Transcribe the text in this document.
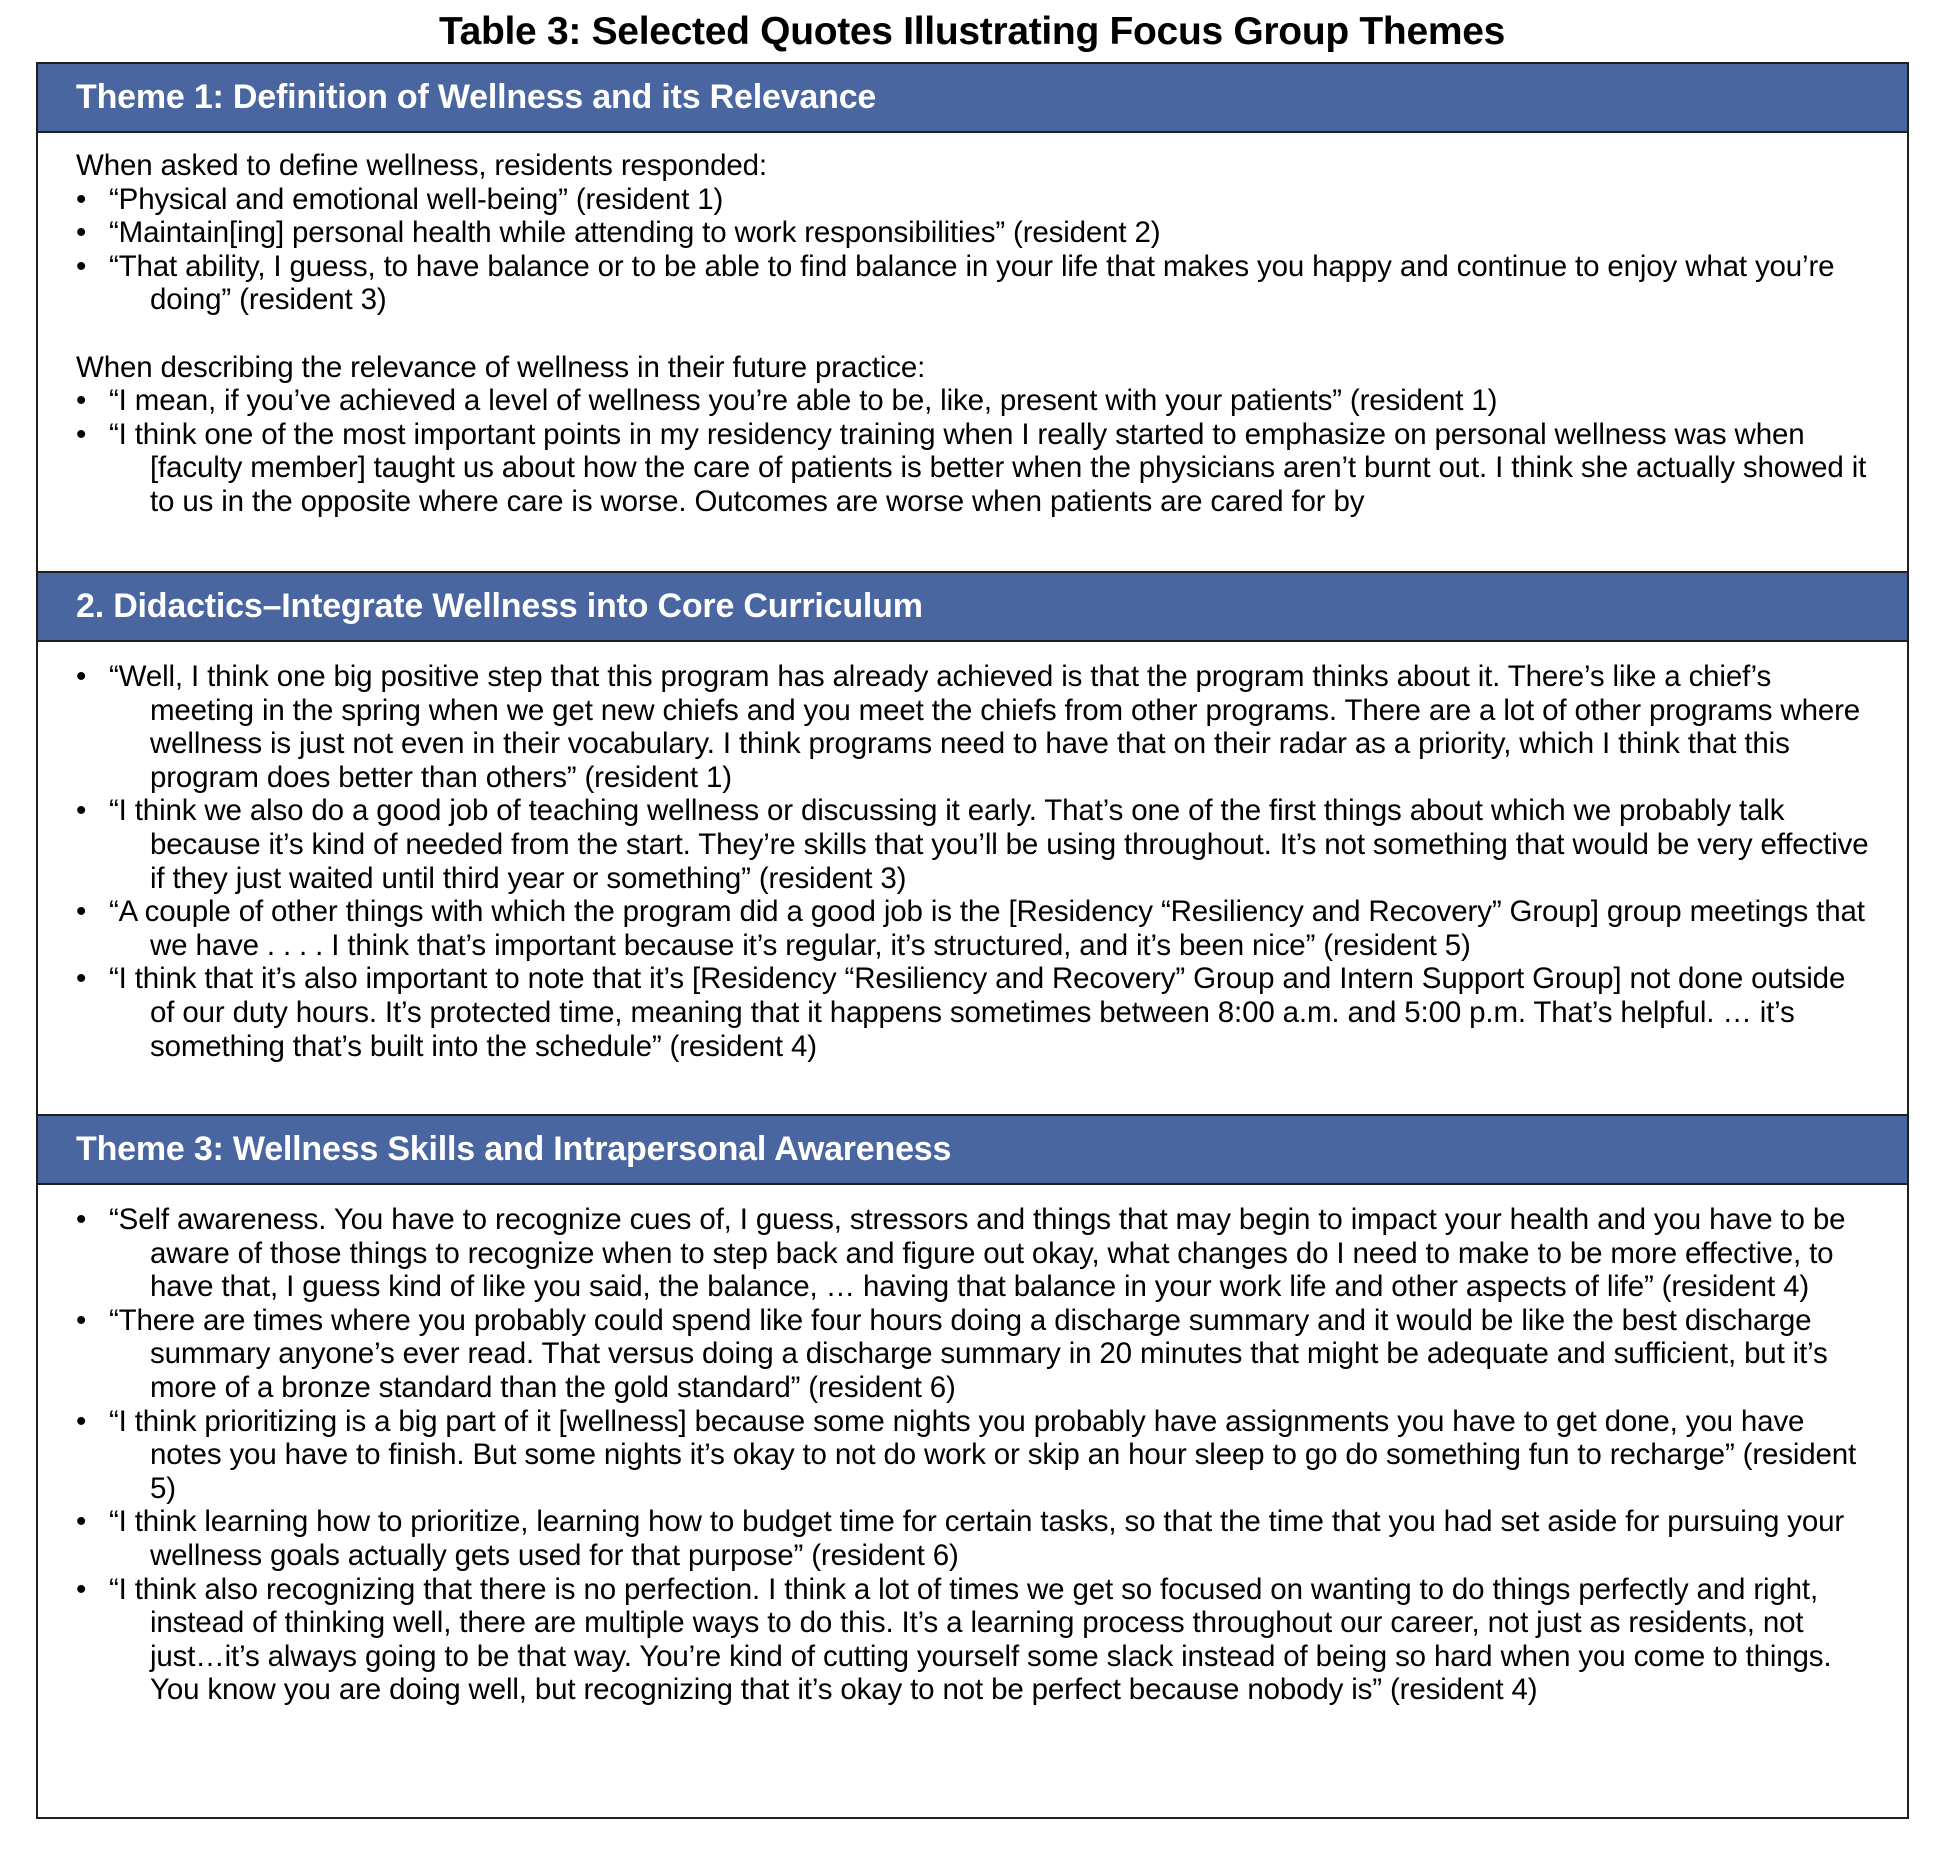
Table 3: Selected Quotes Illustrating Focus Group Themes
Theme 1: Definition of Wellness and its Relevance

When asked to define wellness, residents responded:

• “Physical and emotional well-being” (resident 1)
• “Maintain[ing] personal health while attending to work responsibilities” (resident 2)
• “That ability, I guess, to have balance or to be able to find balance in your life that makes you happy and continue to enjoy what you’re doing” (resident 3)

When describing the relevance of wellness in their future practice:

• “I mean, if you’ve achieved a level of wellness you’re able to be, like, present with your patients” (resident 1)
• “I think one of the most important points in my residency training when I really started to emphasize on personal wellness was when [faculty member] taught us about how the care of patients is better when the physicians aren’t burnt out. I think she actually showed it to us in the opposite where care is worse. Outcomes are worse when patients are cared for by
2. Didactics–Integrate Wellness into Core Curriculum
• “Well, I think one big positive step that this program has already achieved is that the program thinks about it. There’s like a chief’s meeting in the spring when we get new chiefs and you meet the chiefs from other programs. There are a lot of other programs where wellness is just not even in their vocabulary. I think programs need to have that on their radar as a priority, which I think that this program does better than others” (resident 1)
• “I think we also do a good job of teaching wellness or discussing it early. That’s one of the first things about which we probably talk because it’s kind of needed from the start. They’re skills that you’ll be using throughout. It’s not something that would be very effective if they just waited until third year or something” (resident 3)
• “A couple of other things with which the program did a good job is the [Residency “Resiliency and Recovery” Group] group meetings that we have . . . . I think that’s important because it’s regular, it’s structured, and it’s been nice” (resident 5)
• “I think that it’s also important to note that it’s [Residency “Resiliency and Recovery” Group and Intern Support Group] not done outside of our duty hours. It’s protected time, meaning that it happens sometimes between 8:00 a.m. and 5:00 p.m. That’s helpful. … it’s something that’s built into the schedule” (resident 4)
Theme 3: Wellness Skills and Intrapersonal Awareness
• “Self awareness. You have to recognize cues of, I guess, stressors and things that may begin to impact your health and you have to be aware of those things to recognize when to step back and figure out okay, what changes do I need to make to be more effective, to have that, I guess kind of like you said, the balance, … having that balance in your work life and other aspects of life” (resident 4)
• “There are times where you probably could spend like four hours doing a discharge summary and it would be like the best discharge summary anyone’s ever read. That versus doing a discharge summary in 20 minutes that might be adequate and sufficient, but it’s more of a bronze standard than the gold standard” (resident 6)
• “I think prioritizing is a big part of it [wellness] because some nights you probably have assignments you have to get done, you have notes you have to finish. But some nights it’s okay to not do work or skip an hour sleep to go do something fun to recharge” (resident 5)
• “I think learning how to prioritize, learning how to budget time for certain tasks, so that the time that you had set aside for pursuing your wellness goals actually gets used for that purpose” (resident 6)
• “I think also recognizing that there is no perfection. I think a lot of times we get so focused on wanting to do things perfectly and right, instead of thinking well, there are multiple ways to do this. It’s a learning process throughout our career, not just as residents, not just…it’s always going to be that way. You’re kind of cutting yourself some slack instead of being so hard when you come to things. You know you are doing well, but recognizing that it’s okay to not be perfect because nobody is” (resident 4)
